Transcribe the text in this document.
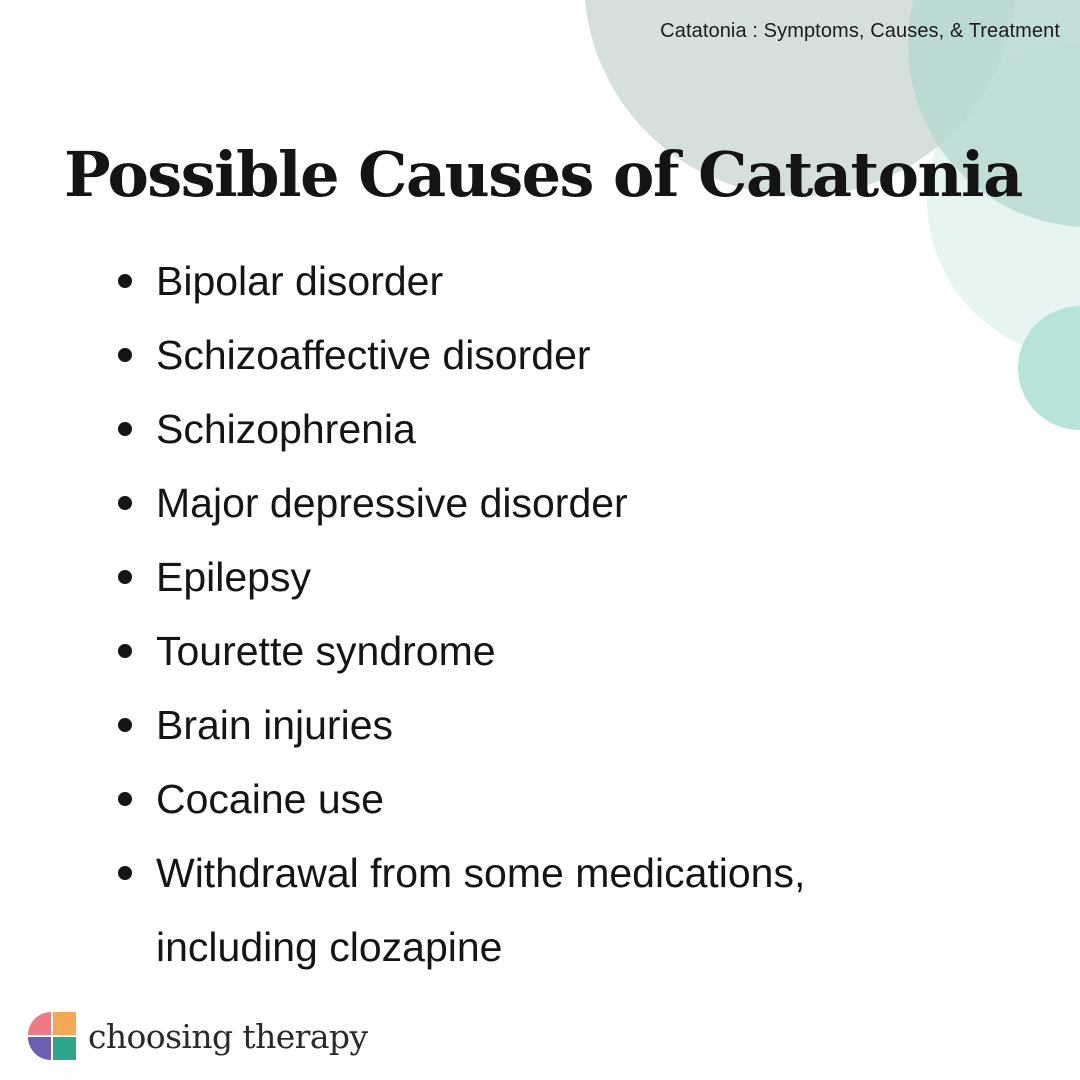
Catatonia : Symptoms, Causes, & Treatment
Possible Causes of Catatonia
Bipolar disorder
Schizoaffective disorder
Schizophrenia
Major depressive disorder
Epilepsy
Tourette syndrome
Brain injuries
Cocaine use
Withdrawal from some medications, including clozapine
choosing therapy
